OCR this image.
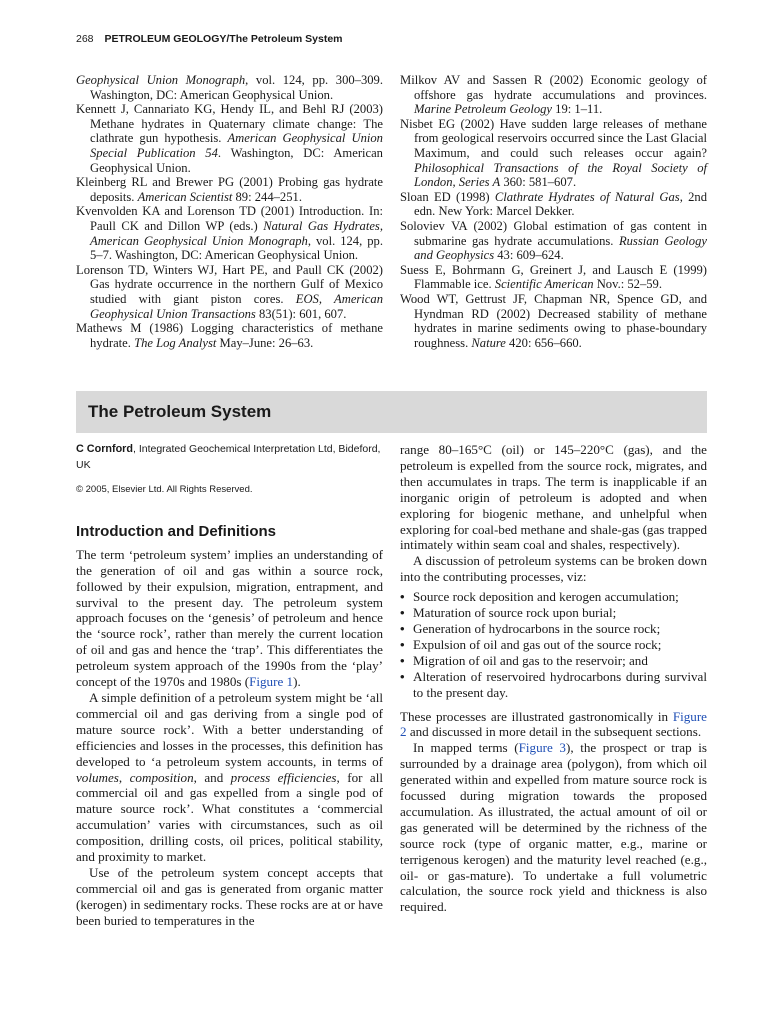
268 PETROLEUM GEOLOGY/The Petroleum System
Geophysical Union Monograph, vol. 124, pp. 300–309. Washington, DC: American Geophysical Union.
Kennett J, Cannariato KG, Hendy IL, and Behl RJ (2003) Methane hydrates in Quaternary climate change: The clathrate gun hypothesis. American Geophysical Union Special Publication 54. Washington, DC: American Geophysical Union.
Kleinberg RL and Brewer PG (2001) Probing gas hydrate deposits. American Scientist 89: 244–251.
Kvenvolden KA and Lorenson TD (2001) Introduction. In: Paull CK and Dillon WP (eds.) Natural Gas Hydrates, American Geophysical Union Monograph, vol. 124, pp. 5–7. Washington, DC: American Geophysical Union.
Lorenson TD, Winters WJ, Hart PE, and Paull CK (2002) Gas hydrate occurrence in the northern Gulf of Mexico studied with giant piston cores. EOS, American Geophysical Union Transactions 83(51): 601, 607.
Mathews M (1986) Logging characteristics of methane hydrate. The Log Analyst May–June: 26–63.
Milkov AV and Sassen R (2002) Economic geology of offshore gas hydrate accumulations and provinces. Marine Petroleum Geology 19: 1–11.
Nisbet EG (2002) Have sudden large releases of methane from geological reservoirs occurred since the Last Glacial Maximum, and could such releases occur again? Philosophical Transactions of the Royal Society of London, Series A 360: 581–607.
Sloan ED (1998) Clathrate Hydrates of Natural Gas, 2nd edn. New York: Marcel Dekker.
Soloviev VA (2002) Global estimation of gas content in submarine gas hydrate accumulations. Russian Geology and Geophysics 43: 609–624.
Suess E, Bohrmann G, Greinert J, and Lausch E (1999) Flammable ice. Scientific American Nov.: 52–59.
Wood WT, Gettrust JF, Chapman NR, Spence GD, and Hyndman RD (2002) Decreased stability of methane hydrates in marine sediments owing to phase-boundary roughness. Nature 420: 656–660.
The Petroleum System
C Cornford, Integrated Geochemical Interpretation Ltd, Bideford, UK
© 2005, Elsevier Ltd. All Rights Reserved.
Introduction and Definitions

The term ‘petroleum system’ implies an understanding of the generation of oil and gas within a source rock, followed by their expulsion, migration, entrapment, and survival to the present day. The petroleum system approach focuses on the ‘genesis’ of petroleum and hence the ‘source rock’, rather than merely the current location of oil and gas and hence the ‘trap’. This differentiates the petroleum system approach of the 1990s from the ‘play’ concept of the 1970s and 1980s (Figure 1).

A simple definition of a petroleum system might be ‘all commercial oil and gas deriving from a single pod of mature source rock’. With a better understanding of efficiencies and losses in the processes, this definition has developed to ‘a petroleum system accounts, in terms of volumes, composition, and process efficiencies, for all commercial oil and gas expelled from a single pod of mature source rock’. What constitutes a ‘commercial accumulation’ varies with circumstances, such as oil composition, drilling costs, oil prices, political stability, and proximity to market.

Use of the petroleum system concept accepts that commercial oil and gas is generated from organic matter (kerogen) in sedimentary rocks. These rocks are at or have been buried to temperatures in the

range 80–165°C (oil) or 145–220°C (gas), and the petroleum is expelled from the source rock, migrates, and then accumulates in traps. The term is inapplicable if an inorganic origin of petroleum is adopted and when exploring for biogenic methane, and unhelpful when exploring for coal-bed methane and shale-gas (gas trapped intimately within seam coal and shales, respectively).

A discussion of petroleum systems can be broken down into the contributing processes, viz:

• Source rock deposition and kerogen accumulation;
• Maturation of source rock upon burial;
• Generation of hydrocarbons in the source rock;
• Expulsion of oil and gas out of the source rock;
• Migration of oil and gas to the reservoir; and
• Alteration of reservoired hydrocarbons during survival to the present day.

These processes are illustrated gastronomically in Figure 2 and discussed in more detail in the subsequent sections.

In mapped terms (Figure 3), the prospect or trap is surrounded by a drainage area (polygon), from which oil generated within and expelled from mature source rock is focussed during migration towards the proposed accumulation. As illustrated, the actual amount of oil or gas generated will be determined by the richness of the source rock (type of organic matter, e.g., marine or terrigenous kerogen) and the maturity level reached (e.g., oil- or gas-mature). To undertake a full volumetric calculation, the source rock yield and thickness is also required.
